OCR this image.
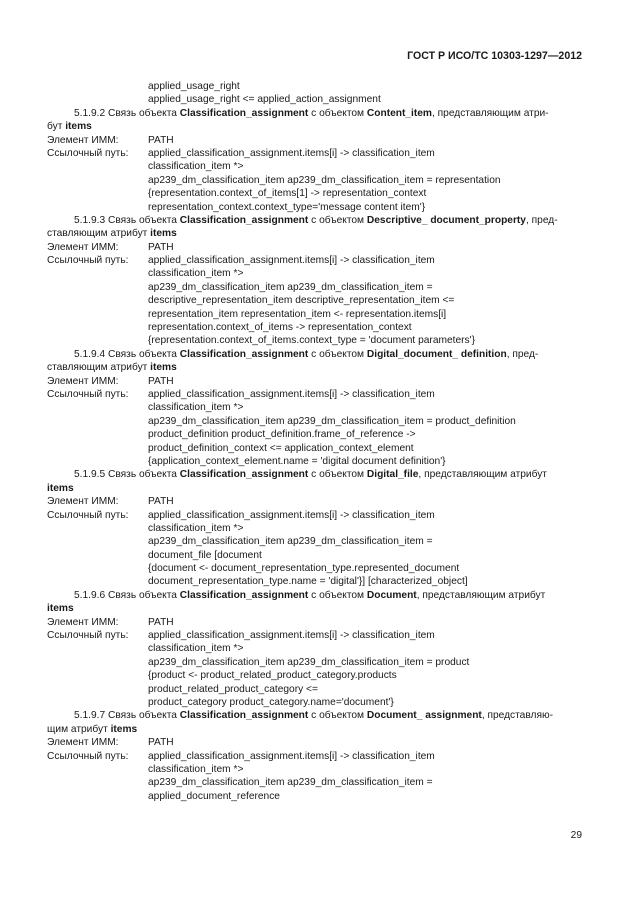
ГОСТ Р ИСО/ТС 10303-1297—2012
applied_usage_right
applied_usage_right <= applied_action_assignment
5.1.9.2 Связь объекта Classification_assignment с объектом Content_item, представляющим атри-
бут items
Элемент ИММ:	PATH
Ссылочный путь: applied_classification_assignment.items[i] -> classification_item
classification_item *>
ap239_dm_classification_item ap239_dm_classification_item = representation
{representation.context_of_items[1] -> representation_context
representation_context.context_type='message content item'}
5.1.9.3 Связь объекта Classification_assignment с объектом Descriptive_ document_property, пред-
ставляющим атрибут items
Элемент ИММ:	PATH
Ссылочный путь: applied_classification_assignment.items[i] -> classification_item
classification_item *>
ap239_dm_classification_item ap239_dm_classification_item =
descriptive_representation_item descriptive_representation_item <=
representation_item representation_item <- representation.items[i]
representation.context_of_items -> representation_context
{representation.context_of_items.context_type = 'document parameters'}
5.1.9.4 Связь объекта Classification_assignment с объектом Digital_document_ definition, пред-
ставляющим атрибут items
Элемент ИММ:	PATH
Ссылочный путь: applied_classification_assignment.items[i] -> classification_item
classification_item *>
ap239_dm_classification_item ap239_dm_classification_item = product_definition
product_definition product_definition.frame_of_reference ->
product_definition_context <= application_context_element
{application_context_element.name = 'digital document definition'}
5.1.9.5 Связь объекта Classification_assignment с объектом Digital_file, представляющим атрибут
items
Элемент ИММ:	PATH
Ссылочный путь: applied_classification_assignment.items[i] -> classification_item
classification_item *>
ap239_dm_classification_item ap239_dm_classification_item =
document_file [document
{document <- document_representation_type.represented_document
document_representation_type.name = 'digital'}] [characterized_object]
5.1.9.6 Связь объекта Classification_assignment с объектом Document, представляющим атрибут
items
Элемент ИММ:	PATH
Ссылочный путь: applied_classification_assignment.items[i] -> classification_item
classification_item *>
ap239_dm_classification_item ap239_dm_classification_item = product
{product <- product_related_product_category.products
product_related_product_category <=
product_category product_category.name='document'}
5.1.9.7 Связь объекта Classification_assignment с объектом Document_ assignment, представляю-
щим атрибут items
Элемент ИММ:	PATH
Ссылочный путь: applied_classification_assignment.items[i] -> classification_item
classification_item *>
ap239_dm_classification_item ap239_dm_classification_item =
applied_document_reference
29
